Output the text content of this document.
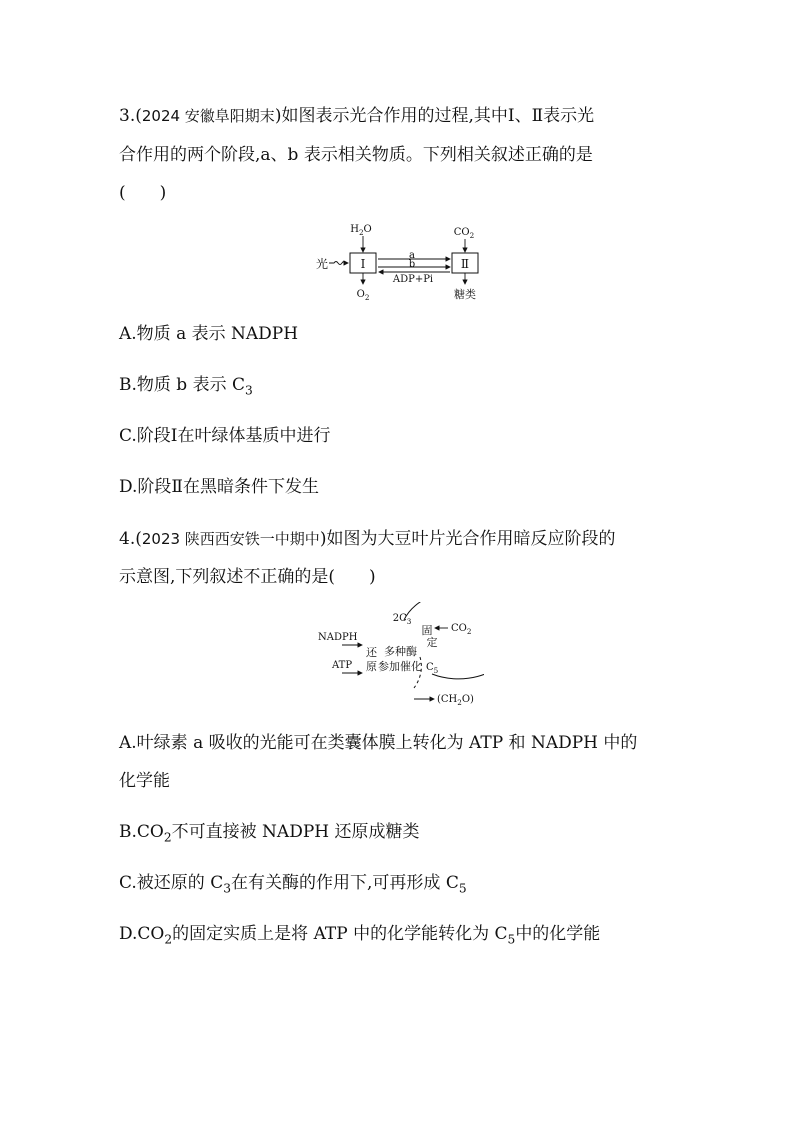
3.(2024 安徽阜阳期末)如图表示光合作用的过程,其中Ⅰ、Ⅱ表示光
合作用的两个阶段,a、b 表示相关物质。下列相关叙述正确的是
(　　)
光	Ⅰ	Ⅱ
$H_2O$
$O_2$
$CO_2$
糖类
a
b
ADP+Pi
A.物质 a 表示 NADPH
B.物质 b 表示 $C_3$
C.阶段Ⅰ在叶绿体基质中进行
D.阶段Ⅱ在黑暗条件下发生
4.(2023 陕西西安铁一中期中)如图为大豆叶片光合作用暗反应阶段的
示意图,下列叙述不正确的是(　　)
$2C_3$
固
定
$CO_2$
NADPH
ATP
还
原
多种酶
参加催化 $C_5$
$(CH_2O)$
A.叶绿素 a 吸收的光能可在类囊体膜上转化为 ATP 和 NADPH 中的
化学能
$B.CO_2$不可直接被 NADPH 还原成糖类
C.被还原的 $C_3$在有关酶的作用下,可再形成 $C_5$
$D.CO_2$的固定实质上是将 ATP 中的化学能转化为 $C_5$中的化学能
